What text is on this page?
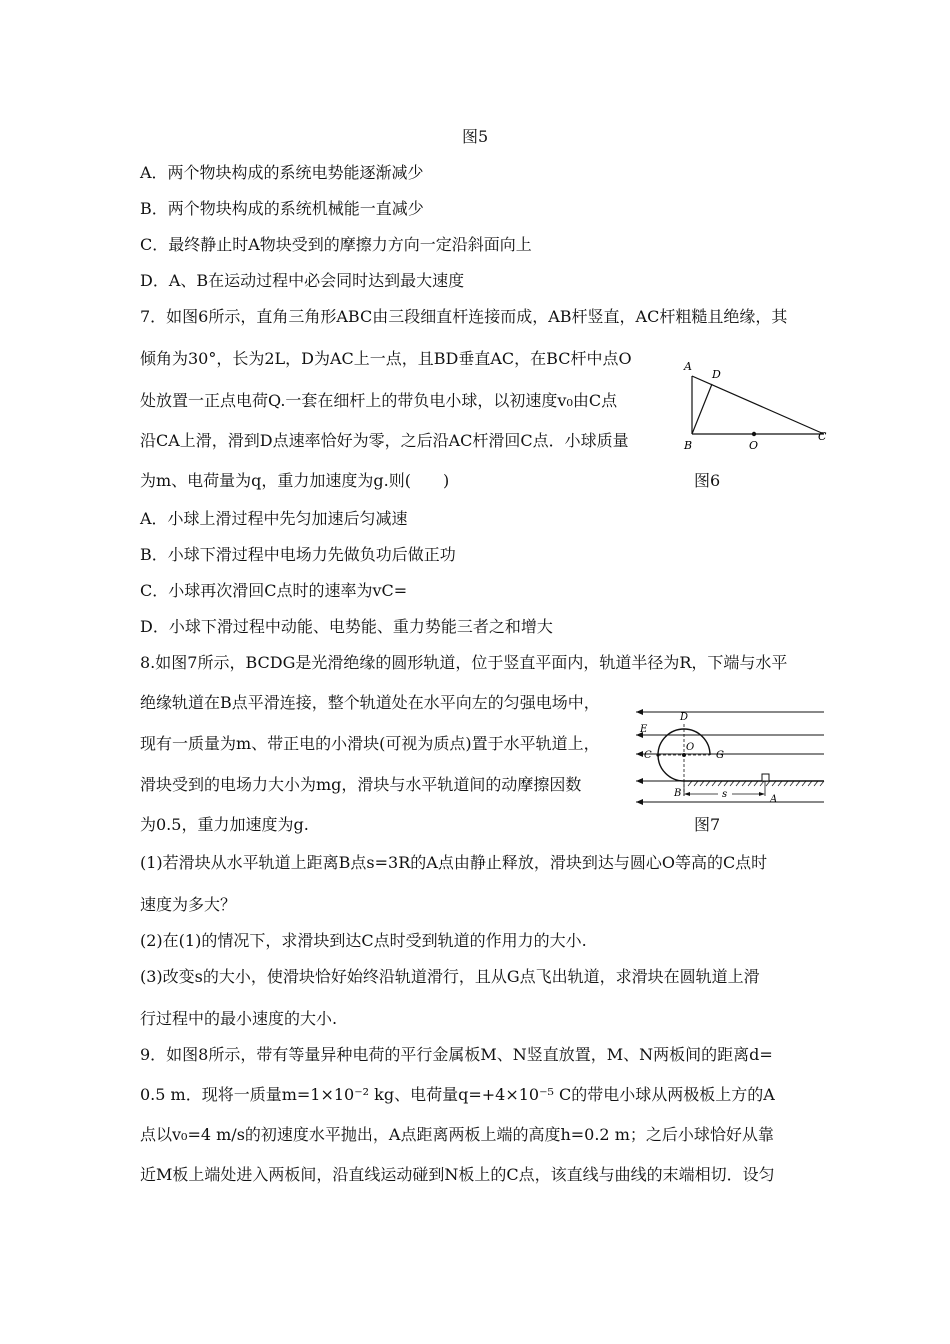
图5
A．两个物块构成的系统电势能逐渐减少
B．两个物块构成的系统机械能一直减少
C．最终静止时A物块受到的摩擦力方向一定沿斜面向上
D．A、B在运动过程中必会同时达到最大速度
7．如图6所示，直角三角形ABC由三段细直杆连接而成，AB杆竖直，AC杆粗糙且绝缘，其
倾角为30°，长为2L，D为AC上一点，且BD垂直AC，在BC杆中点O
处放置一正点电荷Q.一套在细杆上的带负电小球，以初速度v₀由C点
沿CA上滑，滑到D点速率恰好为零，之后沿AC杆滑回C点．小球质量
为m、电荷量为q，重力加速度为g.则(　　)
A
D
B	O
C
图6
A．小球上滑过程中先匀加速后匀减速
B．小球下滑过程中电场力先做负功后做正功
C．小球再次滑回C点时的速率为vC=
D．小球下滑过程中动能、电势能、重力势能三者之和增大
8.如图7所示，BCDG是光滑绝缘的圆形轨道，位于竖直平面内，轨道半径为R，下端与水平
绝缘轨道在B点平滑连接，整个轨道处在水平向左的匀强电场中，
现有一质量为m、带正电的小滑块(可视为质点)置于水平轨道上，
滑块受到的电场力大小为mg，滑块与水平轨道间的动摩擦因数
为0.5，重力加速度为g.
D
E
C
O
G
B	s	A
图7
(1)若滑块从水平轨道上距离B点s=3R的A点由静止释放，滑块到达与圆心O等高的C点时
速度为多大？
(2)在(1)的情况下，求滑块到达C点时受到轨道的作用力的大小.
(3)改变s的大小，使滑块恰好始终沿轨道滑行，且从G点飞出轨道，求滑块在圆轨道上滑
行过程中的最小速度的大小.
9．如图8所示，带有等量异种电荷的平行金属板M、N竖直放置，M、N两板间的距离d=
0.5 m．现将一质量m=1×10⁻² kg、电荷量q=+4×10⁻⁵ C的带电小球从两极板上方的A
点以v₀=4 m/s的初速度水平抛出，A点距离两板上端的高度h=0.2 m；之后小球恰好从靠
近M板上端处进入两板间，沿直线运动碰到N板上的C点，该直线与曲线的末端相切．设匀
